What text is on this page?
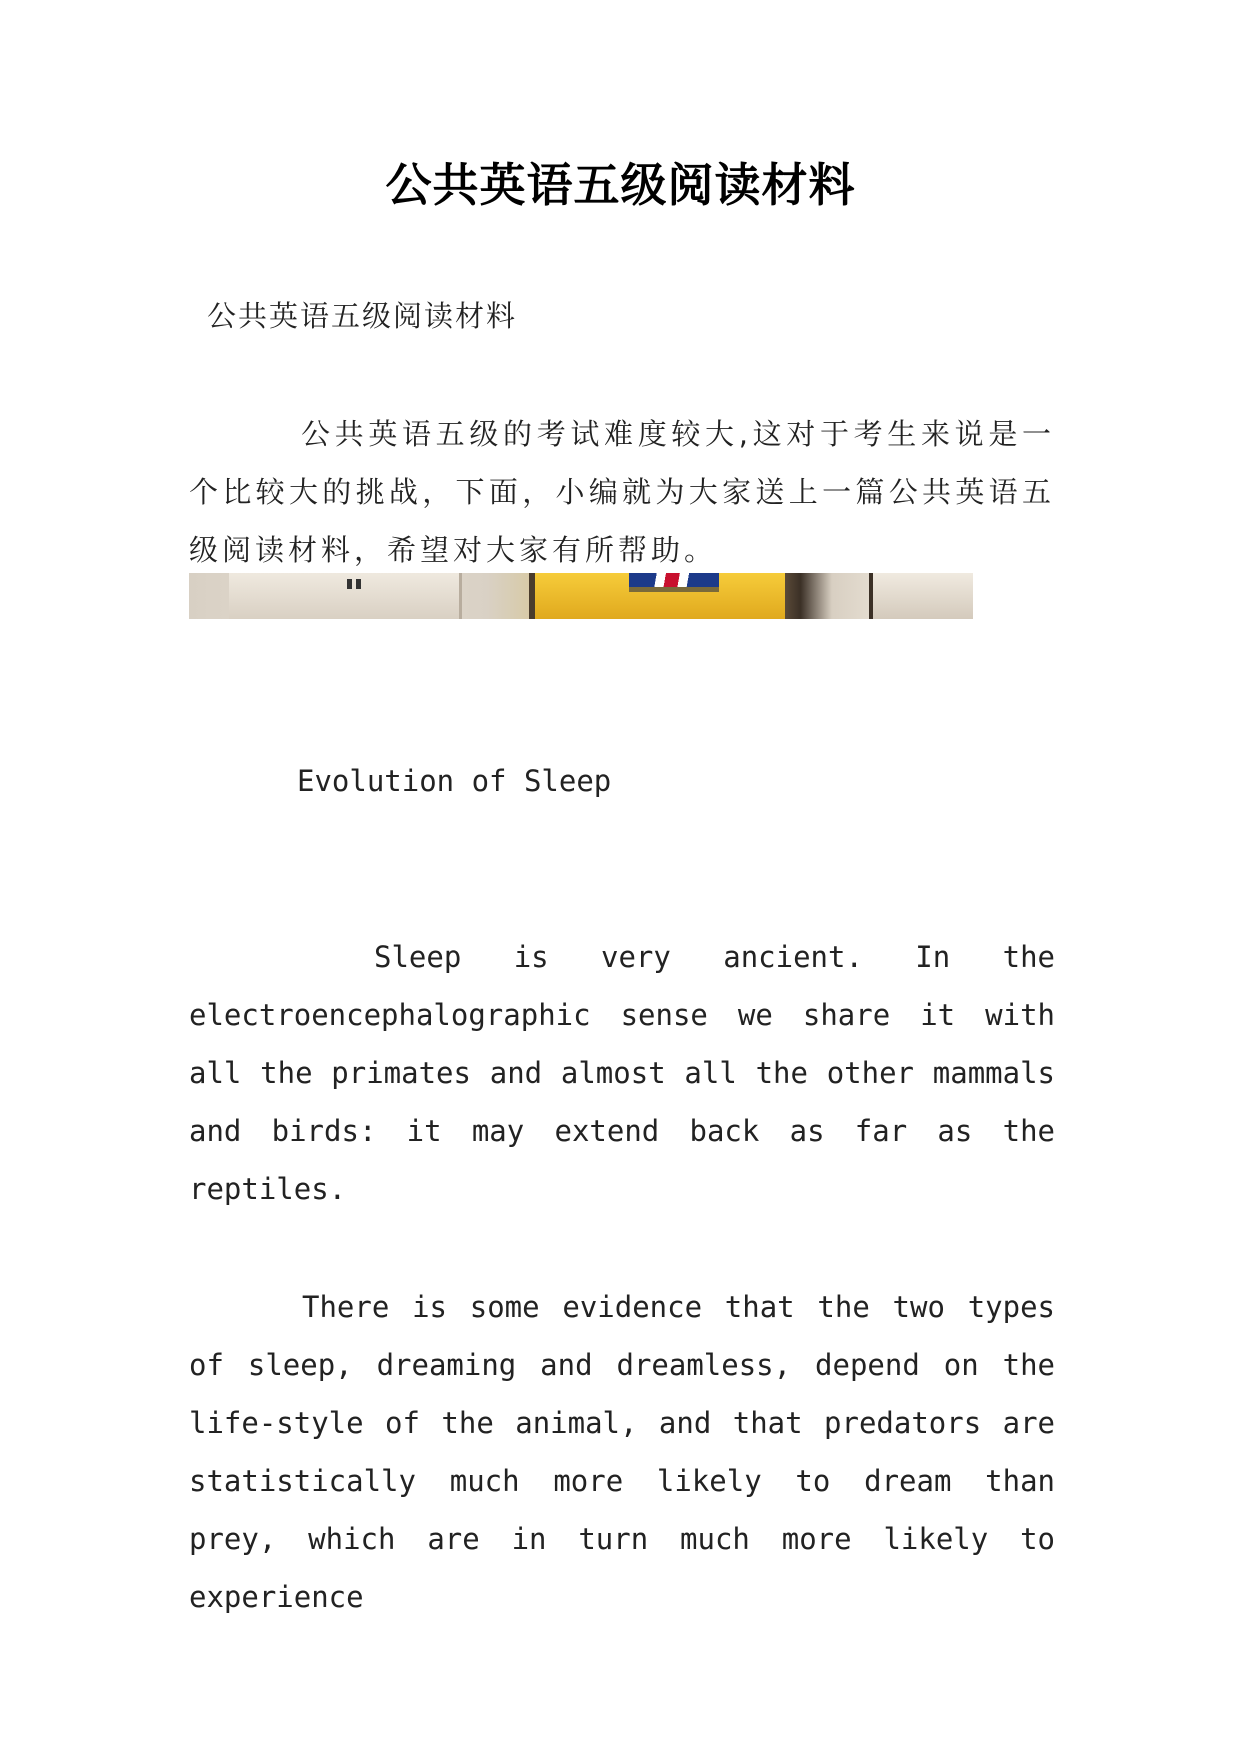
公共英语五级阅读材料
公共英语五级阅读材料
公共英语五级的考试难度较大,这对于考生来说是一个比较大的挑战，下面，小编就为大家送上一篇公共英语五级阅读材料，希望对大家有所帮助。
Evolution of Sleep
Sleep is very ancient. In the electroencephalographic sense we share it with all the primates and almost all the other mammals and birds: it may extend back as far as the reptiles.
There is some evidence that the two types of sleep, dreaming and dreamless, depend on the life-style of the animal, and that predators are statistically much more likely to dream than prey, which are in turn much more likely to experience
